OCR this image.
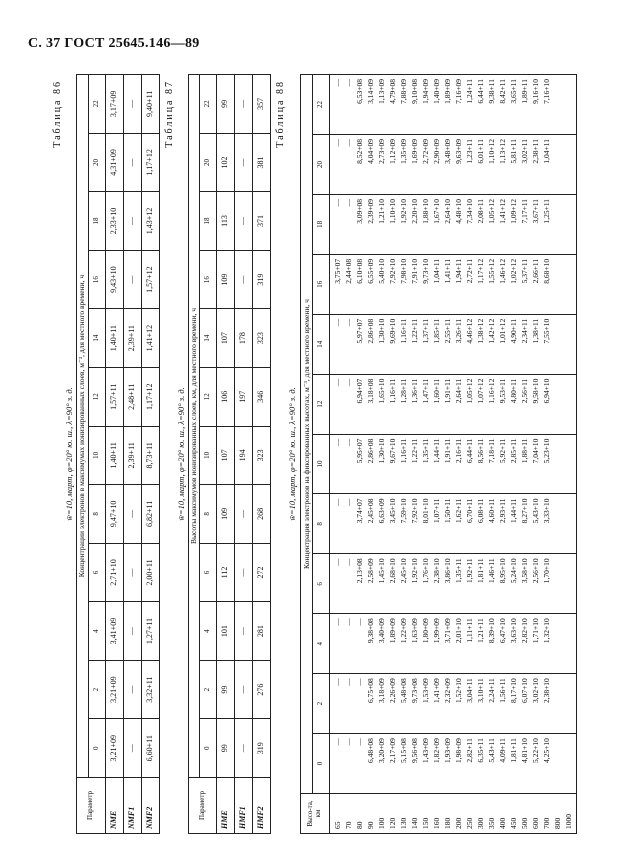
С. 37 ГОСТ 25645.146—89
Таблица 86
w̄=10, март, φ=20° ю. ш., λ=90° з. д.
Параметр	Концентрации электронов в максимумах ионизированных слоев, м⁻³, для местного времени, ч											
	0	2	4	6	8	10	12	14	16	18	20	22
NME	3,21+09	3,21+09	3,41+09	2,71+10	9,47+10	1,40+11	1,57+11	1,40+11	9,43+10	2,33+10	4,31+09	3,17+09
NMF1	—	—	—	—	—	2,39+11	2,48+11	2,39+11	—	—	—	—
NMF2	6,60+11	3,32+11	1,27+11	2,00+11	6,82+11	8,73+11	1,17+12	1,41+12	1,57+12	1,43+12	1,17+12	9,40+11 Таблица 87
w̄=10, март, φ=20° ю. ш., λ=90° з. д.
Параметр	Высоты максимумов ионизированных слоев, км, для местного времени, ч											
	0	2	4	6	8	10	12	14	16	18	20	22
HME	99	99	101	112	109	107	106	107	109	113	102	99
HMF1	—	—	—	—	—	194	197	178	—	—	—	—
HMF2	319	276	281	272	268	323	346	323	319	371	381	357 Таблица 88
w̄=10, март, φ=20° ю. ш., λ=90° з. д.
Высо-та, км	Концентрация электронов на фиксированных высотах, м⁻³, для местного времени, ч											
	0	2	4	6	8	10	12	14	16	18	20	22
65	—	—	—	—	—	—	—	—	3,75+07	—	—	—
70	—	—	—	—	—	—	—	—	2,44+08	—	—	—
80	—	—	—	2,13+08	3,74+07	5,95+07	6,94+07	5,97+07	6,10+08	3,09+08	8,52+08	6,53+08
90	6,48+08	6,75+08	9,38+08	2,58+09	2,45+08	2,86+08	3,18+08	2,86+08	6,55+09	2,39+09	4,04+09	3,14+09
100	3,20+09	3,18+09	3,40+09	1,45+10	6,63+09	1,30+10	1,65+10	1,30+10	5,40+10	1,21+10	2,73+09	1,13+09
120	2,17+09	2,26+09	1,89+09	2,68+10	3,45+10	9,67+10	1,16+11	9,69+10	7,92+10	1,10+10	1,12+09	4,79+08
130	5,15+08	5,48+08	1,22+09	2,45+10	7,59+10	1,16+11	1,28+11	1,16+11	7,98+10	1,92+10	1,35+09	7,88+09
140	9,56+08	9,73+08	1,63+09	1,92+10	7,92+10	1,22+11	1,36+11	1,22+11	7,91+10	2,20+10	1,69+09	9,10+08
150	1,43+09	1,53+09	1,80+09	1,76+10	8,01+10	1,35+11	1,47+11	1,37+11	9,73+10	1,88+10	2,72+09	1,94+09
160	1,82+09	1,41+09	1,99+09	2,38+10	1,07+11	1,44+11	1,60+11	1,85+11	1,04+11	1,67+10	2,90+09	1,40+09
180	1,93+09	2,32+09	3,71+09	3,86+10	1,50+11	1,91+11	1,91+11	2,55+11	1,41+11	2,64+10	3,48+09	1,89+09
200	1,98+09	1,52+10	2,01+10	1,35+11	1,62+11	2,16+11	2,64+11	3,26+11	1,94+11	4,48+10	9,63+09	7,16+09
250	2,82+11	3,04+11	1,11+11	1,92+11	6,70+11	6,44+11	1,05+12	4,46+12	2,72+11	7,34+10	1,23+11	1,24+11
300	6,35+11	3,10+11	1,21+11	1,81+11	6,08+11	8,56+11	1,07+12	1,38+12	1,17+12	2,08+11	6,01+11	6,44+11
350	5,43+11	2,24+11	8,39+10	1,46+11	4,60+11	7,18+11	1,16+12	1,42+12	1,55+12	1,05+12	1,10+12	9,38+11
400	4,09+11	1,56+11	6,47+10	8,95+10	2,93+11	5,92+11	9,53+11	1,01+12	1,46+12	1,41+12	1,13+12	8,42+11
450	1,81+11	8,17+10	3,63+10	5,24+10	1,44+11	2,85+11	4,80+11	4,90+11	1,02+12	1,09+12	5,81+11	3,65+11
500	4,81+10	6,07+10	2,82+10	3,58+10	8,27+10	1,88+11	2,56+11	2,34+11	5,37+11	7,17+11	3,02+11	1,89+11
600	5,22+10	3,02+10	1,71+10	2,56+10	5,43+10	7,04+10	9,58+10	1,38+11	2,66+11	3,67+11	2,38+11	9,16+10
700	4,25+10	2,38+10	1,32+10	1,70+10	3,33+10	5,23+10	6,94+10	7,55+10	8,68+10	1,25+11	1,04+11	7,16+10
800												
1000												
